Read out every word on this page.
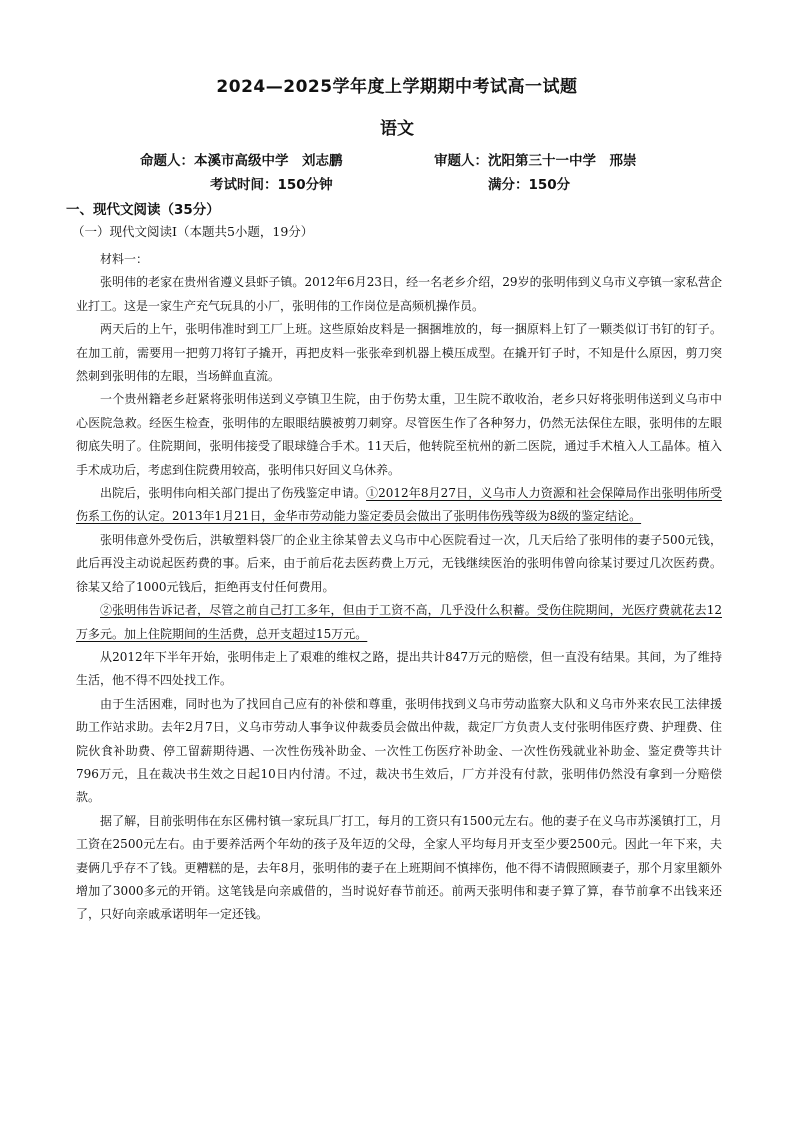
2024—2025学年度上学期期中考试高一试题
语文
命题人：本溪市高级中学　刘志鹏	审题人：沈阳第三十一中学　邢崇
考试时间：150分钟	满分：150分
一、现代文阅读（35分）
（一）现代文阅读Ⅰ（本题共5小题，19分）

材料一：

张明伟的老家在贵州省遵义县虾子镇。2012年6月23日，经一名老乡介绍，29岁的张明伟到义乌市义亭镇一家私营企业打工。这是一家生产充气玩具的小厂，张明伟的工作岗位是高频机操作员。

两天后的上午，张明伟准时到工厂上班。这些原始皮料是一捆捆堆放的，每一捆原料上钉了一颗类似订书钉的钉子。在加工前，需要用一把剪刀将钉子撬开，再把皮料一张张牵到机器上模压成型。在撬开钉子时，不知是什么原因，剪刀突然刺到张明伟的左眼，当场鲜血直流。

一个贵州籍老乡赶紧将张明伟送到义亭镇卫生院，由于伤势太重，卫生院不敢收治，老乡只好将张明伟送到义乌市中心医院急救。经医生检查，张明伟的左眼眼结膜被剪刀刺穿。尽管医生作了各种努力，仍然无法保住左眼，张明伟的左眼彻底失明了。住院期间，张明伟接受了眼球缝合手术。11天后，他转院至杭州的新二医院，通过手术植入人工晶体。植入手术成功后，考虑到住院费用较高，张明伟只好回义乌休养。

出院后，张明伟向相关部门提出了伤残鉴定申请。①2012年8月27日，义乌市人力资源和社会保障局作出张明伟所受伤系工伤的认定。2013年1月21日，金华市劳动能力鉴定委员会做出了张明伟伤残等级为8级的鉴定结论。

张明伟意外受伤后，洪敏塑料袋厂的企业主徐某曾去义乌市中心医院看过一次，几天后给了张明伟的妻子500元钱，此后再没主动说起医药费的事。后来，由于前后花去医药费上万元，无钱继续医治的张明伟曾向徐某讨要过几次医药费。徐某又给了1000元钱后，拒绝再支付任何费用。

②张明伟告诉记者，尽管之前自己打工多年，但由于工资不高，几乎没什么积蓄。受伤住院期间，光医疗费就花去12万多元。加上住院期间的生活费，总开支超过15万元。

从2012年下半年开始，张明伟走上了艰难的维权之路，提出共计847万元的赔偿，但一直没有结果。其间，为了维持生活，他不得不四处找工作。

由于生活困难，同时也为了找回自己应有的补偿和尊重，张明伟找到义乌市劳动监察大队和义乌市外来农民工法律援助工作站求助。去年2月7日，义乌市劳动人事争议仲裁委员会做出仲裁，裁定厂方负责人支付张明伟医疗费、护理费、住院伙食补助费、停工留薪期待遇、一次性伤残补助金、一次性工伤医疗补助金、一次性伤残就业补助金、鉴定费等共计796万元，且在裁决书生效之日起10日内付清。不过，裁决书生效后，厂方并没有付款，张明伟仍然没有拿到一分赔偿款。

据了解，目前张明伟在东区佛村镇一家玩具厂打工，每月的工资只有1500元左右。他的妻子在义乌市苏溪镇打工，月工资在2500元左右。由于要养活两个年幼的孩子及年迈的父母，全家人平均每月开支至少要2500元。因此一年下来，夫妻俩几乎存不了钱。更糟糕的是，去年8月，张明伟的妻子在上班期间不慎摔伤，他不得不请假照顾妻子，那个月家里额外增加了3000多元的开销。这笔钱是向亲戚借的，当时说好春节前还。前两天张明伟和妻子算了算，春节前拿不出钱来还了，只好向亲戚承诺明年一定还钱。
